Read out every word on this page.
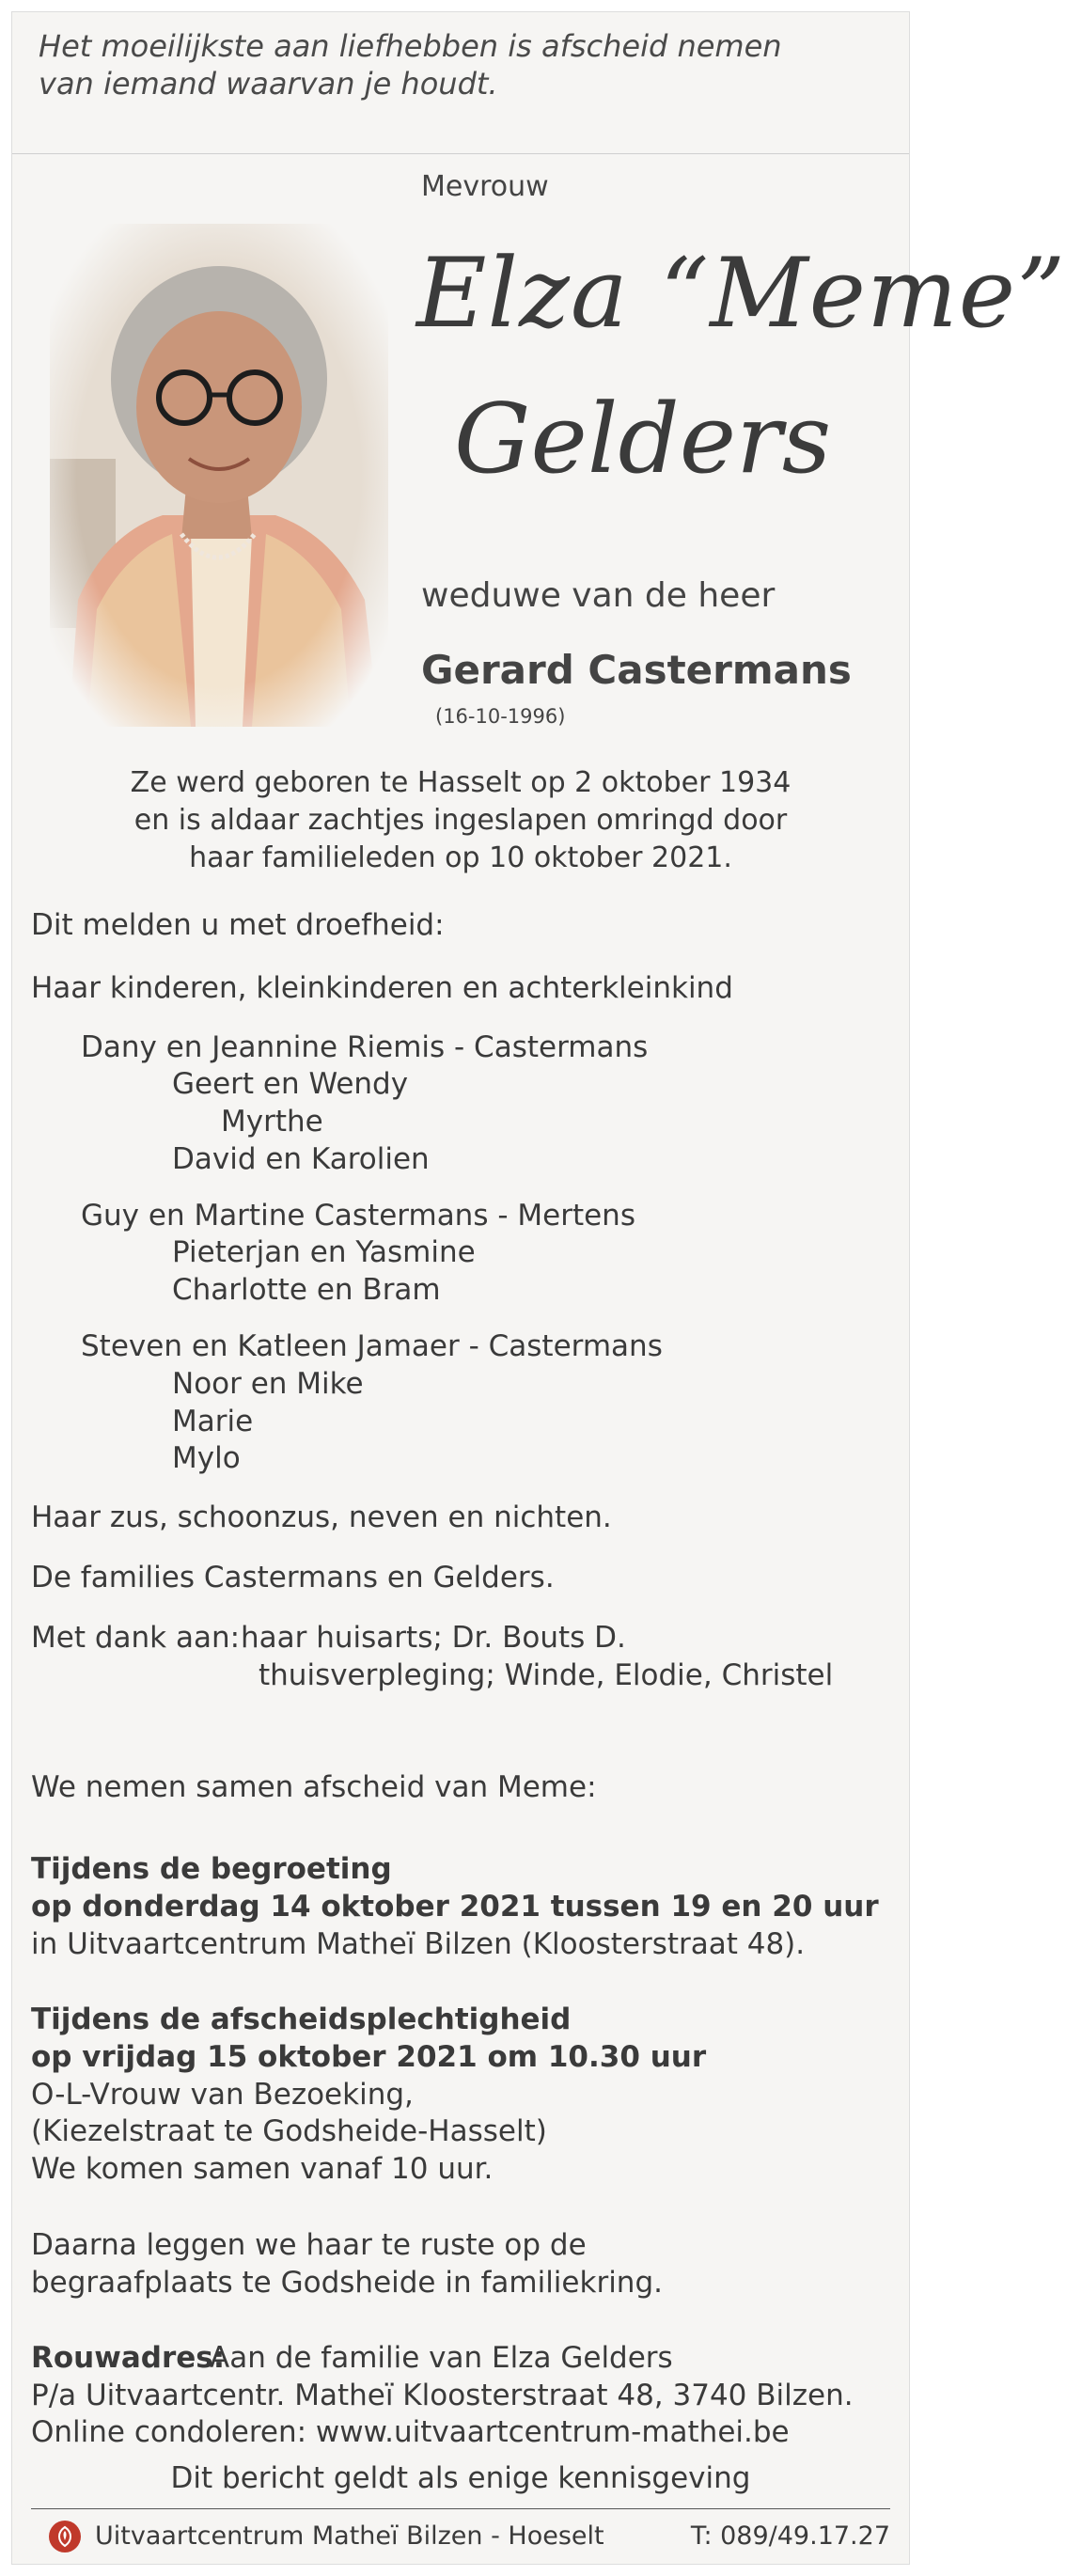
Het moeilijkste aan liefhebben is afscheid nemen
van iemand waarvan je houdt.
Mevrouw
Elza “Meme”
Gelders
weduwe van de heer
Gerard Castermans
(16-10-1996)
Ze werd geboren te Hasselt op 2 oktober 1934
en is aldaar zachtjes ingeslapen omringd door
haar familieleden op 10 oktober 2021.
Dit melden u met droefheid:
Haar kinderen, kleinkinderen en achterkleinkind
Dany en Jeannine Riemis - Castermans
Geert en Wendy
Myrthe
David en Karolien
Guy en Martine Castermans - Mertens
Pieterjan en Yasmine
Charlotte en Bram
Steven en Katleen Jamaer - Castermans
Noor en Mike
Marie
Mylo
Haar zus, schoonzus, neven en nichten.
De families Castermans en Gelders.
Met dank aan: haar huisarts; Dr. Bouts D.
thuisverpleging; Winde, Elodie, Christel
We nemen samen afscheid van Meme:
Tijdens de begroeting
op donderdag 14 oktober 2021 tussen 19 en 20 uur
in Uitvaartcentrum Matheï Bilzen (Kloosterstraat 48).
Tijdens de afscheidsplechtigheid
op vrijdag 15 oktober 2021 om 10.30 uur
O-L-Vrouw van Bezoeking,
(Kiezelstraat te Godsheide-Hasselt)
We komen samen vanaf 10 uur.
Daarna leggen we haar te ruste op de
begraafplaats te Godsheide in familiekring.
Rouwadres:
Aan de familie van Elza Gelders
P/a Uitvaartcentr. Matheï Kloosterstraat 48, 3740 Bilzen.
Online condoleren: www.uitvaartcentrum-mathei.be
Dit bericht geldt als enige kennisgeving
Uitvaartcentrum Matheï Bilzen - Hoeselt	T: 089/49.17.27
